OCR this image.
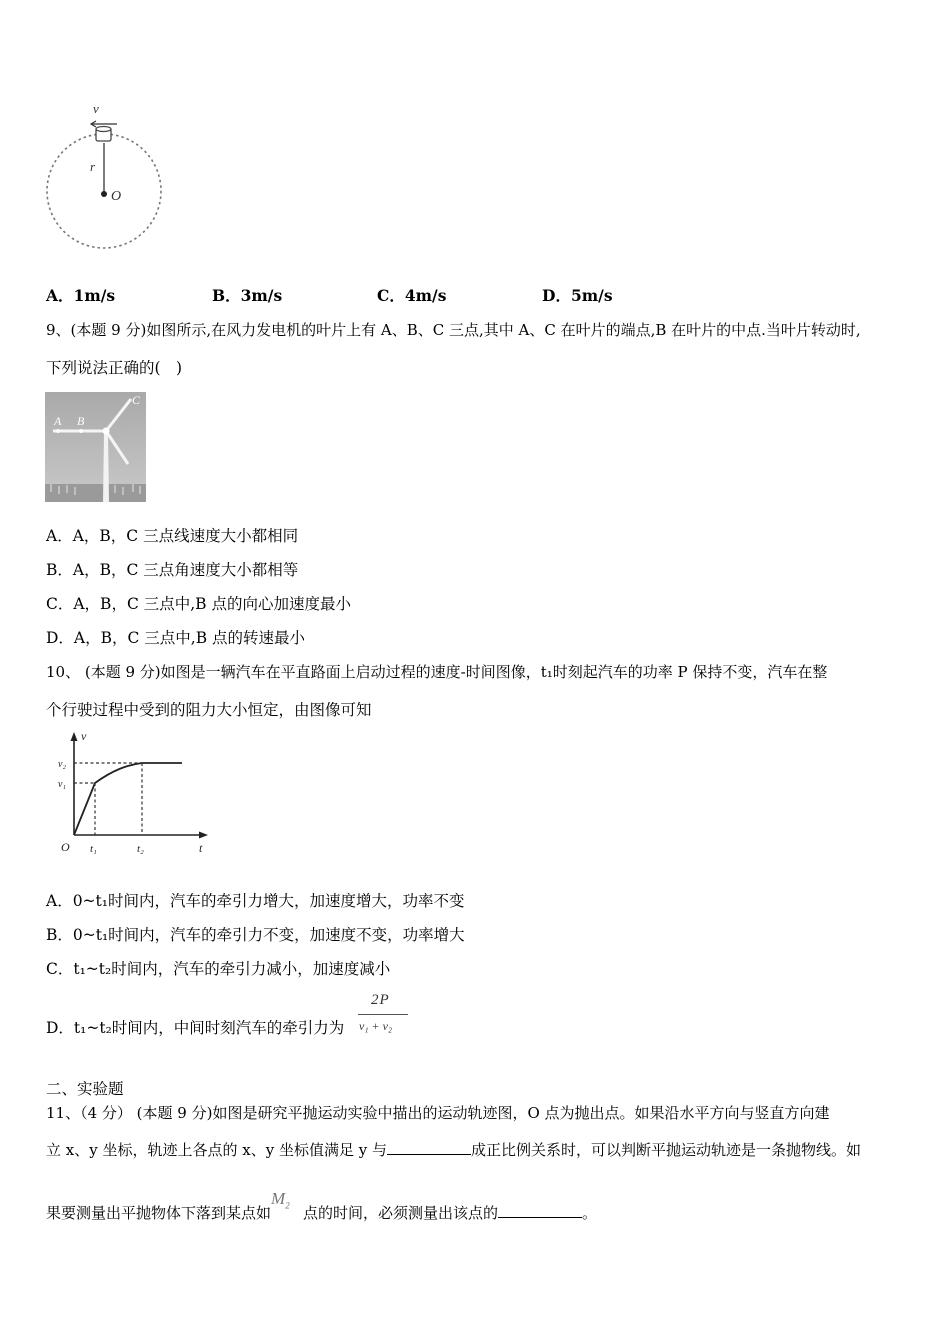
v
r
O
A．1m/s	B．3m/s	C．4m/s	D．5m/s
9、(本题 9 分)如图所示,在风力发电机的叶片上有 A、B、C 三点,其中 A、C 在叶片的端点,B 在叶片的中点.当叶片转动时,
下列说法正确的(　)
A B
C
A．A，B，C 三点线速度大小都相同
B．A，B，C 三点角速度大小都相等
C．A，B，C 三点中,B 点的向心加速度最小
D．A，B，C 三点中,B 点的转速最小
10、 (本题 9 分)如图是一辆汽车在平直路面上启动过程的速度-时间图像，t₁时刻起汽车的功率 P 保持不变，汽车在整
个行驶过程中受到的阻力大小恒定，由图像可知
v
v₂
v₁
O t₁	t₂	t
A．0~t₁时间内，汽车的牵引力增大，加速度增大，功率不变
B．0~t₁时间内，汽车的牵引力不变，加速度不变，功率增大
C．t₁~t₂时间内，汽车的牵引力减小，加速度减小
D．t₁~t₂时间内，中间时刻汽车的牵引力为
2P
v₁ + v₂
二、实验题
11、（4 分） (本题 9 分)如图是研究平抛运动实验中描出的运动轨迹图，O 点为抛出点。如果沿水平方向与竖直方向建
立 x、y 坐标，轨迹上各点的 x、y 坐标值满足 y 与	成正比例关系时，可以判断平抛运动轨迹是一条抛物线。如
果要测量出平抛物体下落到某点如$M_2$ 点的时间，必须测量出该点的	。
